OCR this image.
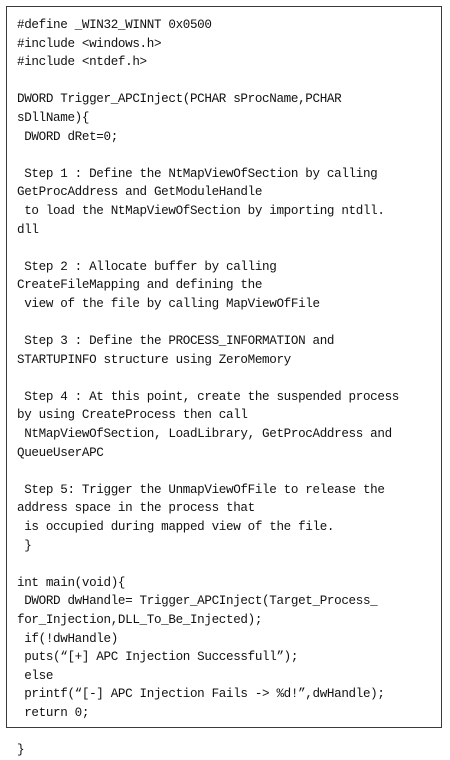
#define _WIN32_WINNT 0x0500
#include <windows.h>
#include <ntdef.h>

DWORD Trigger_APCInject(PCHAR sProcName,PCHAR
sDllName){
DWORD dRet=0;

Step 1 : Define the NtMapViewOfSection by calling
GetProcAddress and GetModuleHandle
to load the NtMapViewOfSection by importing ntdll.
dll

Step 2 : Allocate buffer by calling
CreateFileMapping and defining the
view of the file by calling MapViewOfFile

Step 3 : Define the PROCESS_INFORMATION and
STARTUPINFO structure using ZeroMemory

Step 4 : At this point, create the suspended process
by using CreateProcess then call
NtMapViewOfSection, LoadLibrary, GetProcAddress and
QueueUserAPC

Step 5: Trigger the UnmapViewOfFile to release the
address space in the process that
is occupied during mapped view of the file.
}

int main(void){
DWORD dwHandle= Trigger_APCInject(Target_Process_
for_Injection,DLL_To_Be_Injected);
if(!dwHandle)
puts(“[+] APC Injection Successfull”);
else
printf(“[-] APC Injection Fails -> %d!”,dwHandle);
return 0;

}
